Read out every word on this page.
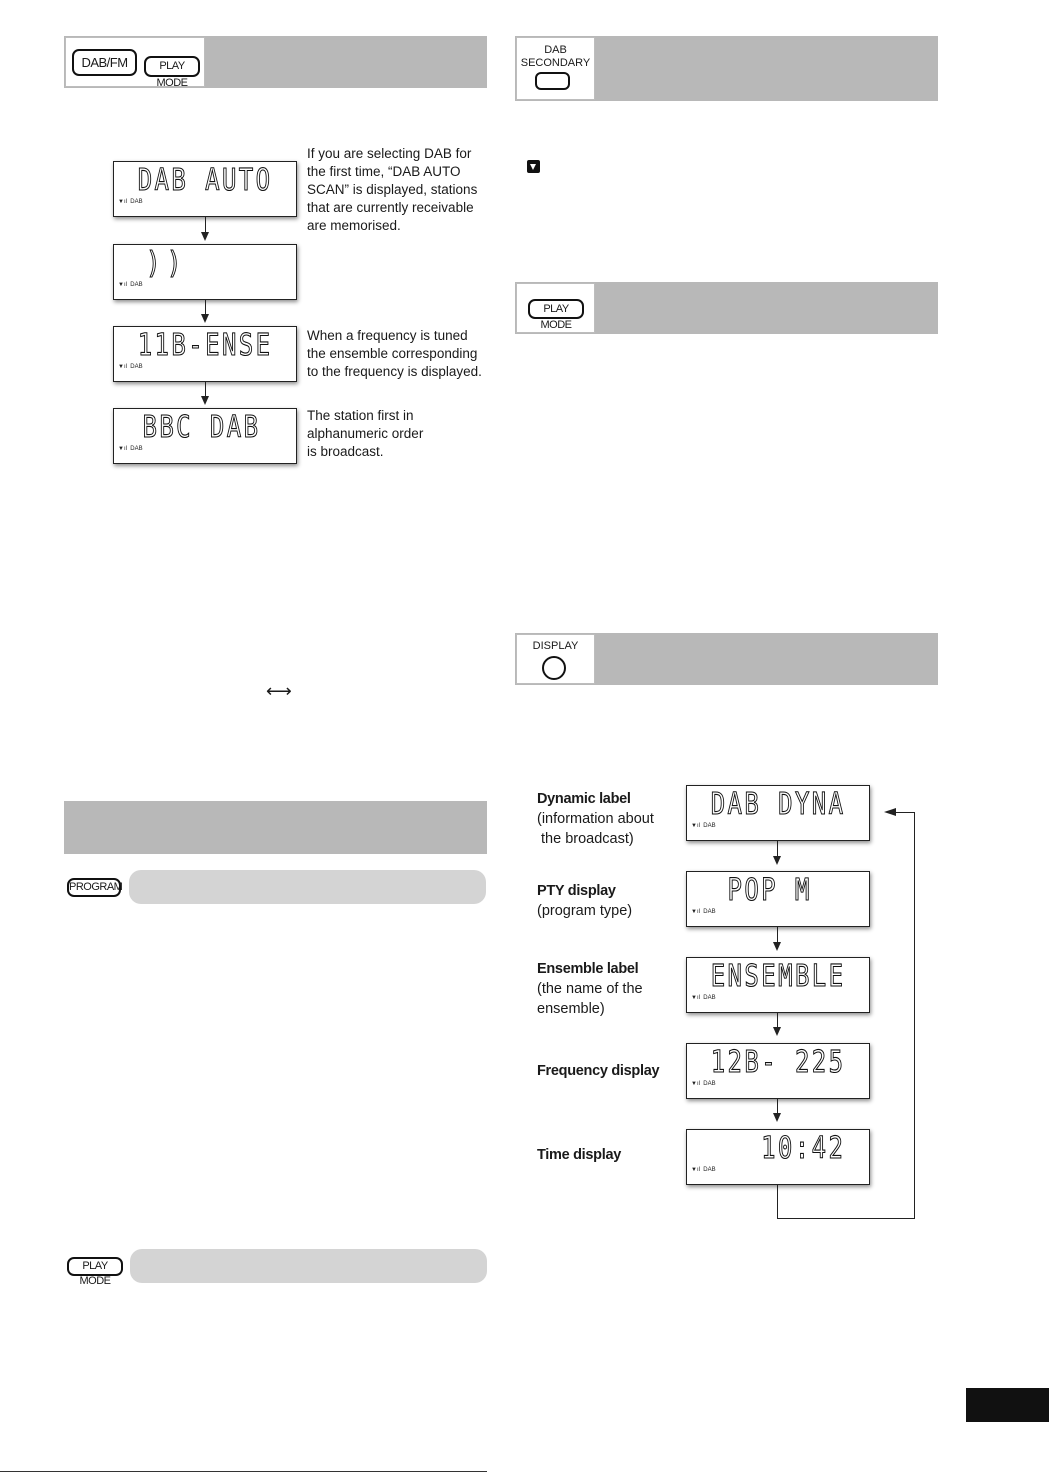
DAB/FM	PLAY MODE
DAB AUTO
▼ıl  DAB
))
▼ıl  DAB
11B-ENSE
▼ıl  DAB
BBC DAB
▼ıl  DAB
If you are selecting DAB for
the first time, “DAB AUTO
SCAN” is displayed, stations
that are currently receivable
are memorised.
When a frequency is tuned
the ensemble corresponding
to the frequency is displayed.
The station first in
alphanumeric order
is broadcast.
⟷
PROGRAM
PLAY MODE
DAB
SECONDARY
PLAY MODE
DISPLAY
Dynamic label
(information about
the broadcast)
PTY display
(program type)
Ensemble label
(the name of the
ensemble)
Frequency display
Time display
DAB DYNA
▼ıl  DAB
POP M
▼ıl  DAB
ENSEMBLE
▼ıl  DAB
12B- 225
▼ıl  DAB
10:42
▼ıl  DAB
